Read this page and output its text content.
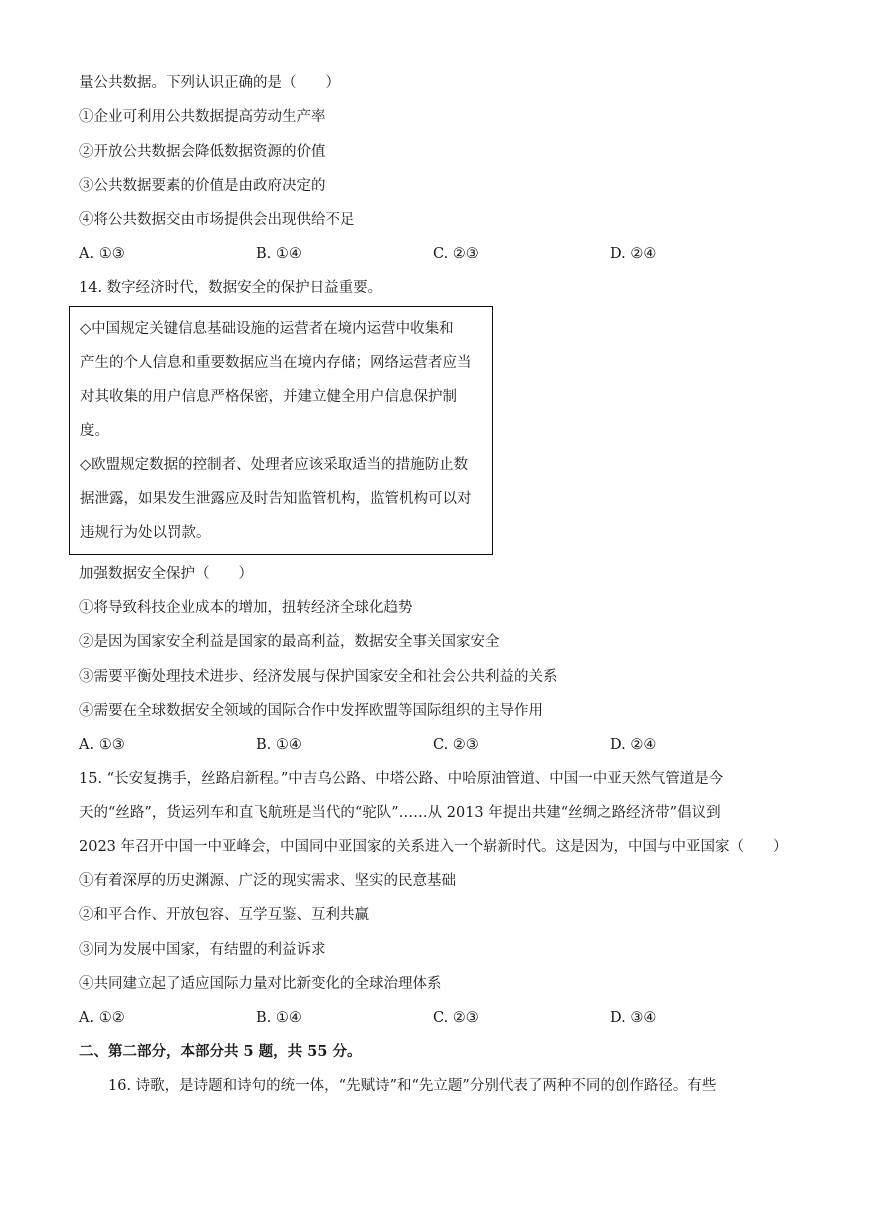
量公共数据。下列认识正确的是（　　）
①企业可利用公共数据提高劳动生产率
②开放公共数据会降低数据资源的价值
③公共数据要素的价值是由政府决定的
④将公共数据交由市场提供会出现供给不足
A. ①③	B. ①④	C. ②③	D. ②④
14. 数字经济时代，数据安全的保护日益重要。
◇中国规定关键信息基础设施的运营者在境内运营中收集和
产生的个人信息和重要数据应当在境内存储；网络运营者应当
对其收集的用户信息严格保密，并建立健全用户信息保护制
度。
◇欧盟规定数据的控制者、处理者应该采取适当的措施防止数
据泄露，如果发生泄露应及时告知监管机构，监管机构可以对
违规行为处以罚款。
加强数据安全保护（　　）
①将导致科技企业成本的增加，扭转经济全球化趋势
②是因为国家安全利益是国家的最高利益，数据安全事关国家安全
③需要平衡处理技术进步、经济发展与保护国家安全和社会公共利益的关系
④需要在全球数据安全领域的国际合作中发挥欧盟等国际组织的主导作用
A. ①③	B. ①④	C. ②③	D. ②④
15. “长安复携手，丝路启新程。”中吉乌公路、中塔公路、中哈原油管道、中国一中亚天然气管道是今
天的“丝路”，货运列车和直飞航班是当代的“驼队”……从 2013 年提出共建“丝绸之路经济带”倡议到
2023 年召开中国一中亚峰会，中国同中亚国家的关系进入一个崭新时代。这是因为，中国与中亚国家（　　）
①有着深厚的历史渊源、广泛的现实需求、坚实的民意基础
②和平合作、开放包容、互学互鉴、互利共赢
③同为发展中国家，有结盟的利益诉求
④共同建立起了适应国际力量对比新变化的全球治理体系
A. ①②	B. ①④	C. ②③	D. ③④
二、第二部分，本部分共 5 题，共 55 分。
16. 诗歌，是诗题和诗句的统一体，“先赋诗”和“先立题”分别代表了两种不同的创作路径。有些
